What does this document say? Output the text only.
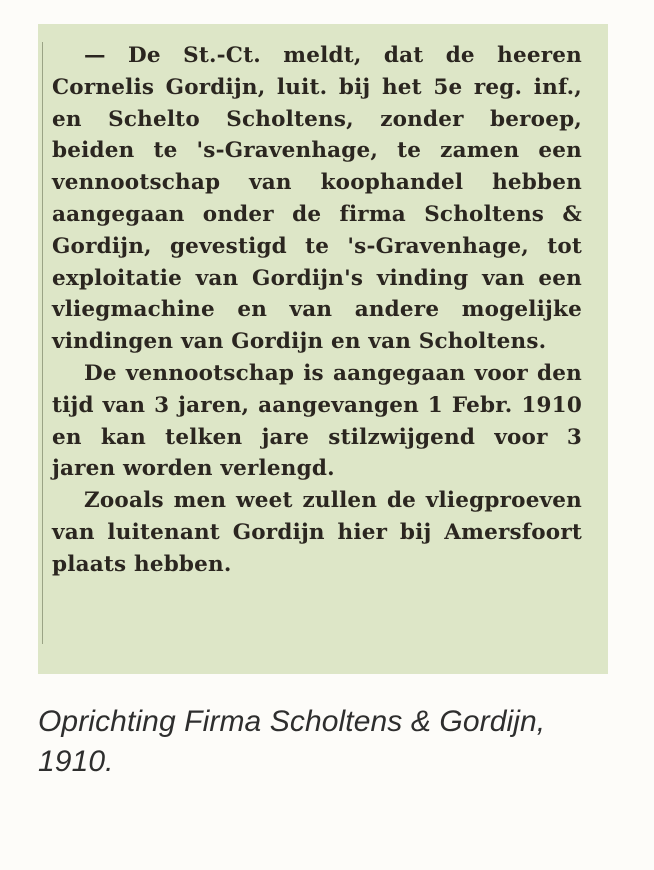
— De St.-Ct. meldt, dat de heeren Cornelis Gordijn, luit. bij het 5e reg. inf., en Schelto Scholtens, zonder beroep, beiden te 's-Gravenhage, te zamen een vennootschap van koophandel hebben aangegaan onder de firma Scholtens & Gordijn, gevestigd te 's-Gravenhage, tot exploitatie van Gordijn's vinding van een vliegmachine en van andere mogelijke vindingen van Gordijn en van Scholtens.

De vennootschap is aangegaan voor den tijd van 3 jaren, aangevangen 1 Febr. 1910 en kan telken jare stilzwijgend voor 3 jaren worden verlengd.

Zooals men weet zullen de vliegproeven van luitenant Gordijn hier bij Amersfoort plaats hebben.

Oprichting Firma Scholtens & Gordijn, 1910.
